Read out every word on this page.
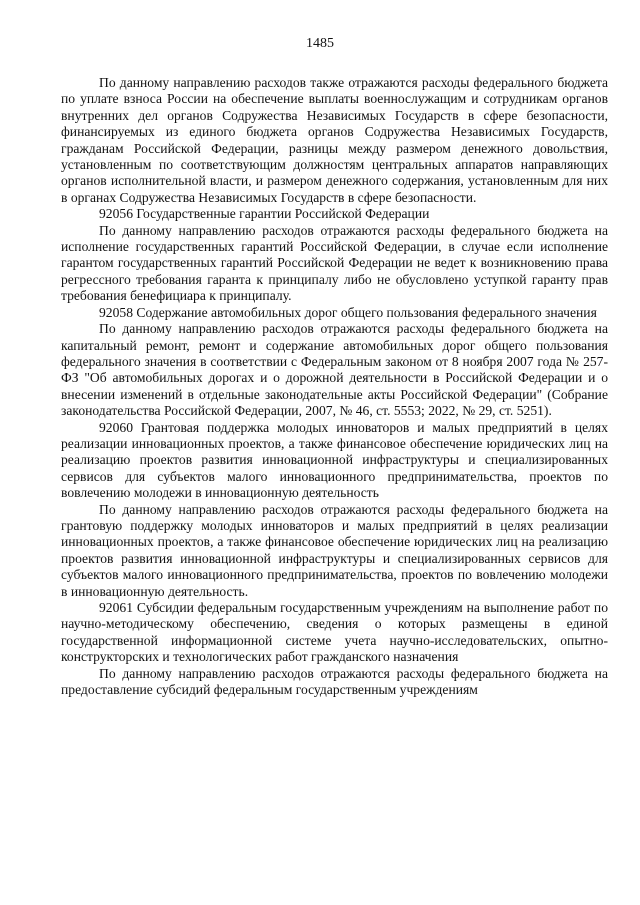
1485

По данному направлению расходов также отражаются расходы федерального бюджета по уплате взноса России на обеспечение выплаты военнослужащим и сотрудникам органов внутренних дел органов Содружества Независимых Государств в сфере безопасности, финансируемых из единого бюджета органов Содружества Независимых Государств, гражданам Российской Федерации, разницы между размером денежного довольствия, установленным по соответствующим должностям центральных аппаратов направляющих органов исполнительной власти, и размером денежного содержания, установленным для них в органах Содружества Независимых Государств в сфере безопасности.

92056 Государственные гарантии Российской Федерации

По данному направлению расходов отражаются расходы федерального бюджета на исполнение государственных гарантий Российской Федерации, в случае если исполнение гарантом государственных гарантий Российской Федерации не ведет к возникновению права регрессного требования гаранта к принципалу либо не обусловлено уступкой гаранту прав требования бенефициара к принципалу.

92058 Содержание автомобильных дорог общего пользования федерального значения

По данному направлению расходов отражаются расходы федерального бюджета на капитальный ремонт, ремонт и содержание автомобильных дорог общего пользования федерального значения в соответствии с Федеральным законом от 8 ноября 2007 года № 257-ФЗ "Об автомобильных дорогах и о дорожной деятельности в Российской Федерации и о внесении изменений в отдельные законодательные акты Российской Федерации" (Собрание законодательства Российской Федерации, 2007, № 46, ст. 5553; 2022, № 29, ст. 5251).

92060 Грантовая поддержка молодых инноваторов и малых предприятий в целях реализации инновационных проектов, а также финансовое обеспечение юридических лиц на реализацию проектов развития инновационной инфраструктуры и специализированных сервисов для субъектов малого инновационного предпринимательства, проектов по вовлечению молодежи в инновационную деятельность

По данному направлению расходов отражаются расходы федерального бюджета на грантовую поддержку молодых инноваторов и малых предприятий в целях реализации инновационных проектов, а также финансовое обеспечение юридических лиц на реализацию проектов развития инновационной инфраструктуры и специализированных сервисов для субъектов малого инновационного предпринимательства, проектов по вовлечению молодежи в инновационную деятельность.

92061 Субсидии федеральным государственным учреждениям на выполнение работ по научно-методическому обеспечению, сведения о которых размещены в единой государственной информационной системе учета научно-исследовательских, опытно-конструкторских и технологических работ гражданского назначения

По данному направлению расходов отражаются расходы федерального бюджета на предоставление субсидий федеральным государственным учреждениям
